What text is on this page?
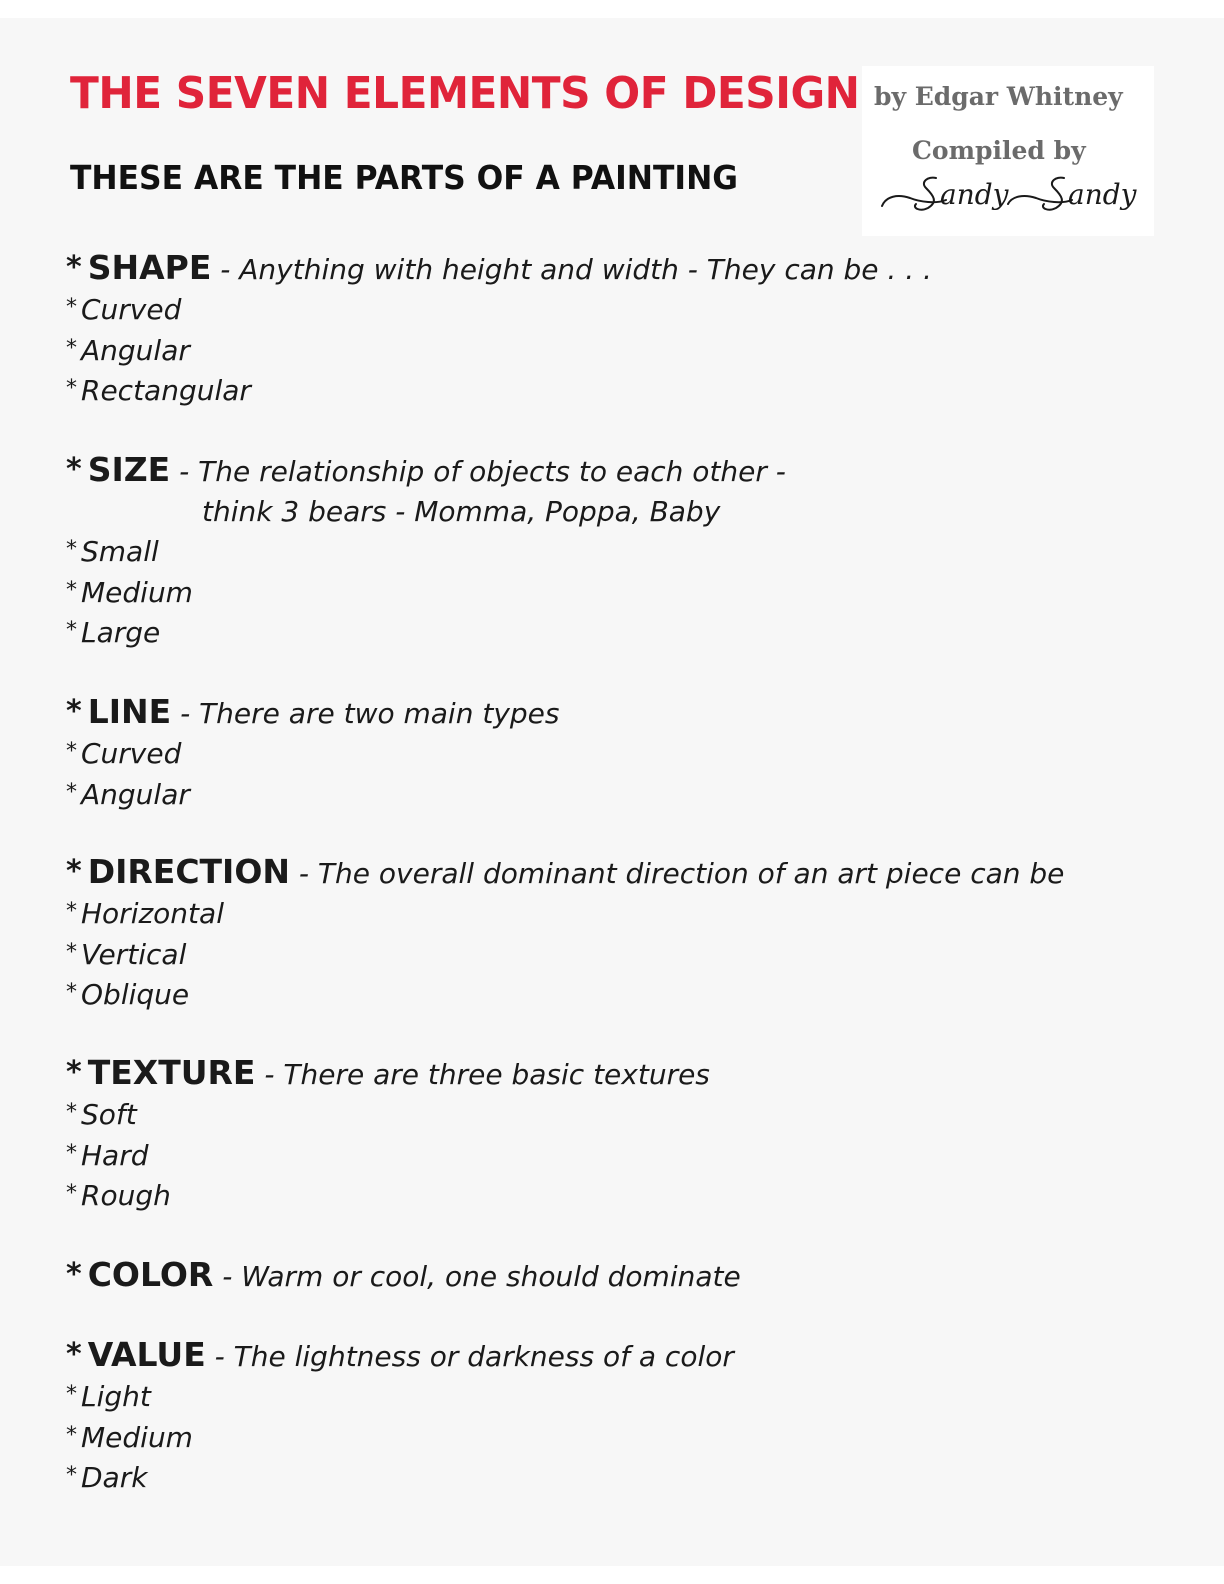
THE SEVEN ELEMENTS OF DESIGN
THESE ARE THE PARTS OF A PAINTING
by Edgar Whitney
Compiled by
andy andy
* SHAPE - Anything with height and width - They can be . . .
* Curved
* Angular
* Rectangular
* SIZE - The relationship of objects to each other -
think 3 bears - Momma, Poppa, Baby
* Small
* Medium
* Large
* LINE - There are two main types
* Curved
* Angular
* DIRECTION - The overall dominant direction of an art piece can be
* Horizontal
* Vertical
* Oblique
* TEXTURE - There are three basic textures
* Soft
* Hard
* Rough
* COLOR - Warm or cool, one should dominate
* VALUE - The lightness or darkness of a color
* Light
* Medium
* Dark
